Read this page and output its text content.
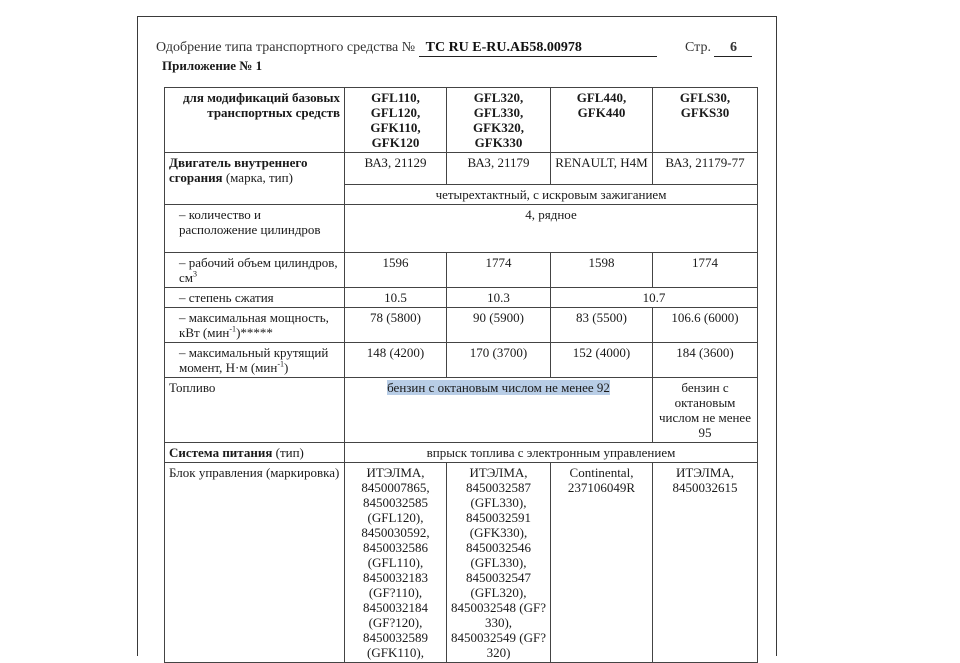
Одобрение типа транспортного средства № ТС RU E-RU.АБ58.00978	Стр. 6
Приложение № 1
для модификаций базовых транспортных средств	GFL110, GFL120, GFK110, GFK120	GFL320, GFL330, GFK320, GFK330	GFL440, GFK440	GFLS30, GFKS30
Двигатель внутреннего сгорания (марка, тип)	ВАЗ, 21129	ВАЗ, 21179	RENAULT, H4M	ВАЗ, 21179-77
	четырехтактный, с искровым зажиганием			
– количество и расположение цилиндров	4, рядное			
– рабочий объем цилиндров, $см^3$	1596	1774	1598	1774
– степень сжатия	10.5	10.3	10.7	
– максимальная мощность, кВт (мин$^{-1}$)*****	78 (5800)	90 (5900)	83 (5500)	106.6 (6000)
– максимальный крутящий момент, Н·м (мин$^{-1}$)	148 (4200)	170 (3700)	152 (4000)	184 (3600)
Топливо	бензин с октановым числом не менее 92			бензин с октановым числом не менее 95
Система питания (тип)	впрыск топлива с электронным управлением			
Блок управления (маркировка)	ИТЭЛМА, 8450007865, 8450032585 (GFL120), 8450030592, 8450032586 (GFL110), 8450032183 (GF?110), 8450032184 (GF?120), 8450032589 (GFK110),	ИТЭЛМА, 8450032587 (GFL330), 8450032591 (GFK330), 8450032546 (GFL330), 8450032547 (GFL320), 8450032548 (GF?330), 8450032549 (GF?320)	Continental, 237106049R	ИТЭЛМА, 8450032615
